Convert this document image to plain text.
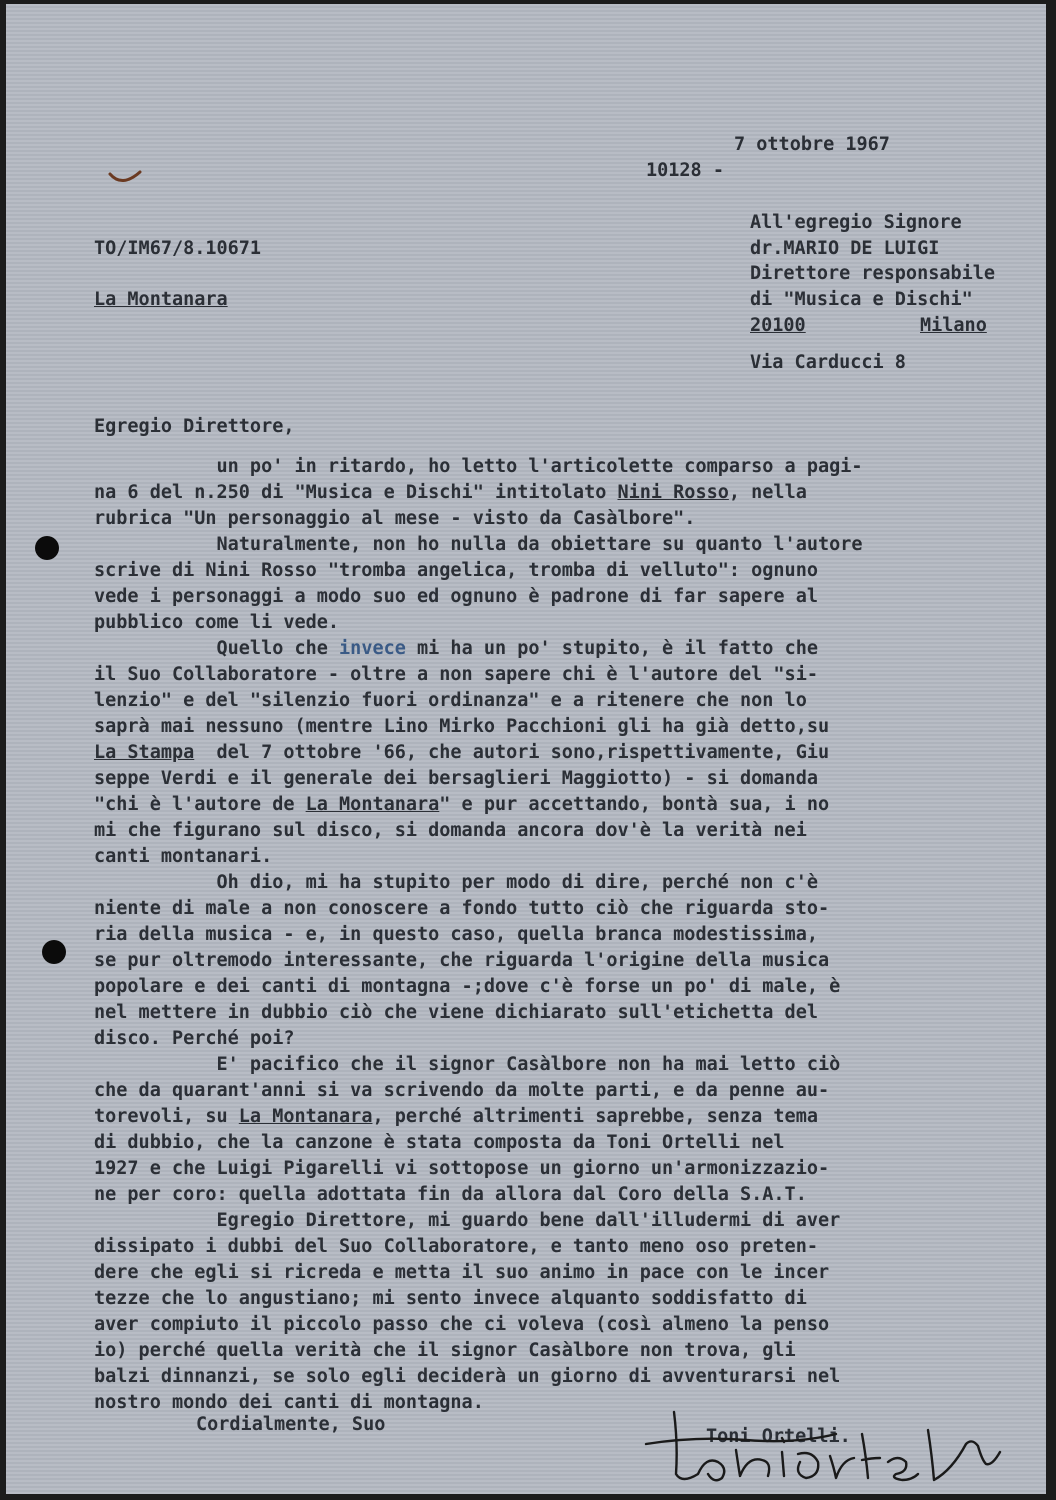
7 ottobre 1967

10128 -

TO/IM67/8.10671

La Montanara

All'egregio Signore

dr.MARIO DE LUIGI

Direttore responsabile

di "Musica e Dischi"

20100	Milano

Via Carducci 8

Egregio Direttore,

un po' in ritardo, ho letto l'articolette comparso a pagi-

na 6 del n.250 di "Musica e Dischi" intitolato Nini Rosso, nella

rubrica "Un personaggio al mese - visto da Casàlbore".

Naturalmente, non ho nulla da obiettare su quanto l'autore

scrive di Nini Rosso "tromba angelica, tromba di velluto": ognuno

vede i personaggi a modo suo ed ognuno è padrone di far sapere al

pubblico come li vede.

Quello che invece mi ha un po' stupito, è il fatto che

il Suo Collaboratore - oltre a non sapere chi è l'autore del "si-

lenzio" e del "silenzio fuori ordinanza" e a ritenere che non lo

saprà mai nessuno (mentre Lino Mirko Pacchioni gli ha già detto,su

La Stampa  del 7 ottobre '66, che autori sono,rispettivamente, Giu

seppe Verdi e il generale dei bersaglieri Maggiotto) - si domanda

"chi è l'autore de La Montanara" e pur accettando, bontà sua, i no

mi che figurano sul disco, si domanda ancora dov'è la verità nei

canti montanari.

Oh dio, mi ha stupito per modo di dire, perché non c'è

niente di male a non conoscere a fondo tutto ciò che riguarda sto-

ria della musica - e, in questo caso, quella branca modestissima,

se pur oltremodo interessante, che riguarda l'origine della musica

popolare e dei canti di montagna -;dove c'è forse un po' di male, è

nel mettere in dubbio ciò che viene dichiarato sull'etichetta del

disco. Perché poi?

E' pacifico che il signor Casàlbore non ha mai letto ciò

che da quarant'anni si va scrivendo da molte parti, e da penne au-

torevoli, su La Montanara, perché altrimenti saprebbe, senza tema

di dubbio, che la canzone è stata composta da Toni Ortelli nel

1927 e che Luigi Pigarelli vi sottopose un giorno un'armonizzazio-

ne per coro: quella adottata fin da allora dal Coro della S.A.T.

Egregio Direttore, mi guardo bene dall'illudermi di aver

dissipato i dubbi del Suo Collaboratore, e tanto meno oso preten-

dere che egli si ricreda e metta il suo animo in pace con le incer

tezze che lo angustiano; mi sento invece alquanto soddisfatto di

aver compiuto il piccolo passo che ci voleva (così almeno la penso

io) perché quella verità che il signor Casàlbore non trova, gli

balzi dinnanzi, se solo egli deciderà un giorno di avventurarsi nel

nostro mondo dei canti di montagna.

Cordialmente, Suo

Toni Ortelli.
